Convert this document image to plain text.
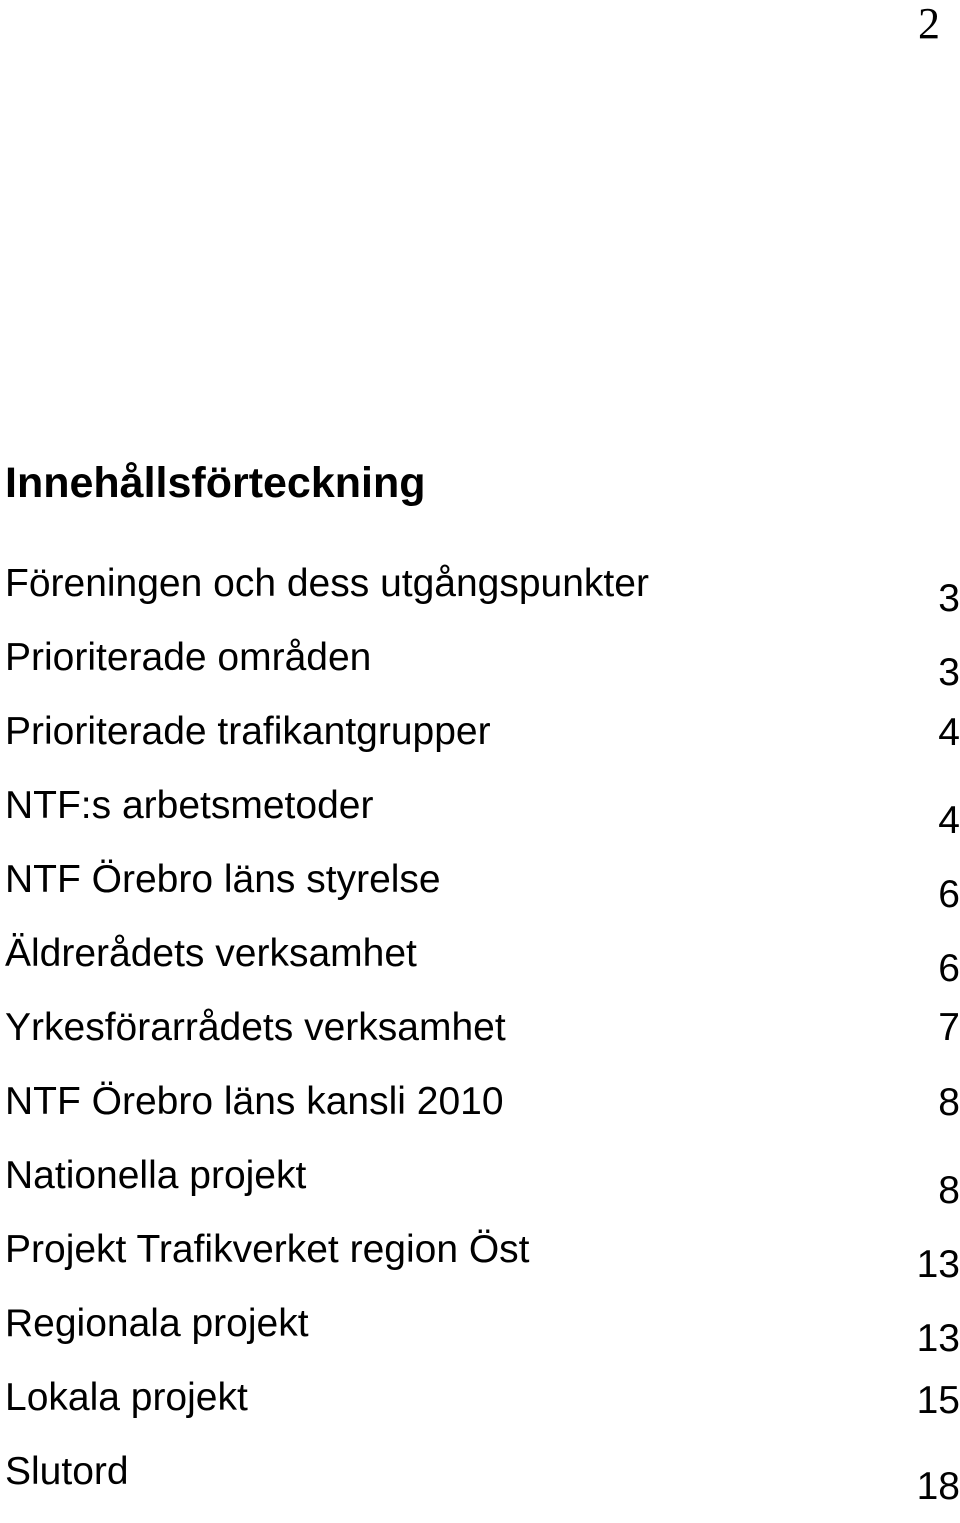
2
Innehållsförteckning
Föreningen och dess utgångspunkter	3
Prioriterade områden	3
Prioriterade trafikantgrupper	4
NTF:s arbetsmetoder	4
NTF Örebro läns styrelse	6
Äldrerådets verksamhet	6
Yrkesförarrådets verksamhet	7
NTF Örebro läns kansli 2010	8
Nationella projekt	8
Projekt Trafikverket region Öst	13
Regionala projekt	13
Lokala projekt	15
Slutord	18
